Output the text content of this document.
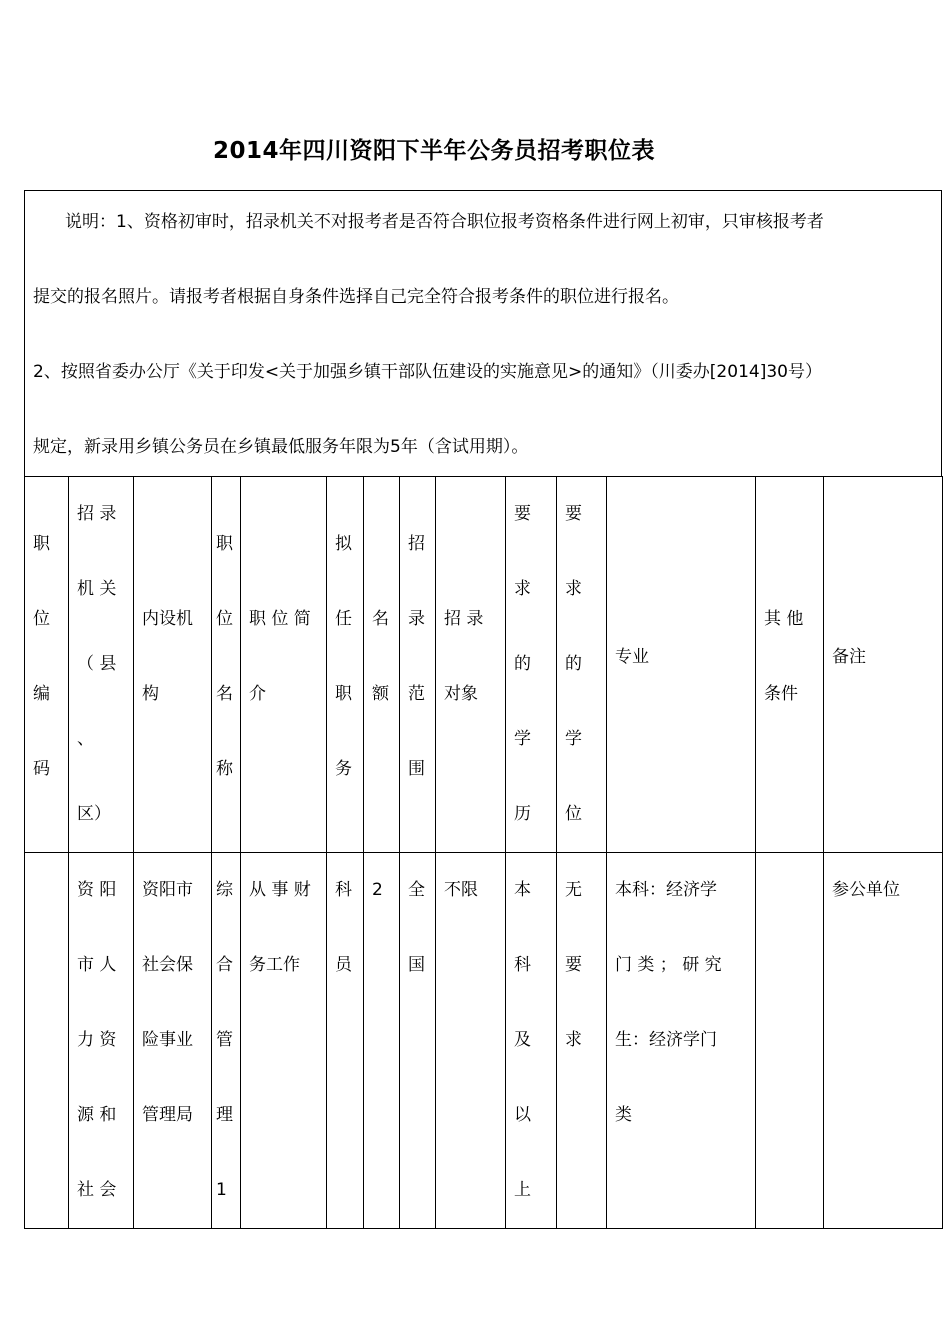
2014年四川资阳下半年公务员招考职位表
说明：1、资格初审时，招录机关不对报考者是否符合职位报考资格条件进行网上初审，只审核报考者
提交的报名照片。请报考者根据自身条件选择自己完全符合报考条件的职位进行报名。
2、按照省委办公厅《关于印发<关于加强乡镇干部队伍建设的实施意见>的通知》（川委办[2014]30号）
规定，新录用乡镇公务员在乡镇最低服务年限为5年（含试用期）。
职
位
编
码	招 录
机 关
（ 县
、
区）	内设机
构	职
位
名
称	职 位 简
介	拟
任
职
务	名
额	招
录
范
围	招 录
对象	要
求
的
学
历	要
求
的
学
位	专业	其 他
条件	备注

	资 阳
市 人
力 资
源 和
社 会	资阳市
社会保
险事业
管理局	综
合
管
理
1	从 事 财
务工作	科
员	2	全
国	不限	本
科
及
以
上	无
要
求	本科：经济学
门 类 ； 研 究
生：经济学门
类		参公单位
